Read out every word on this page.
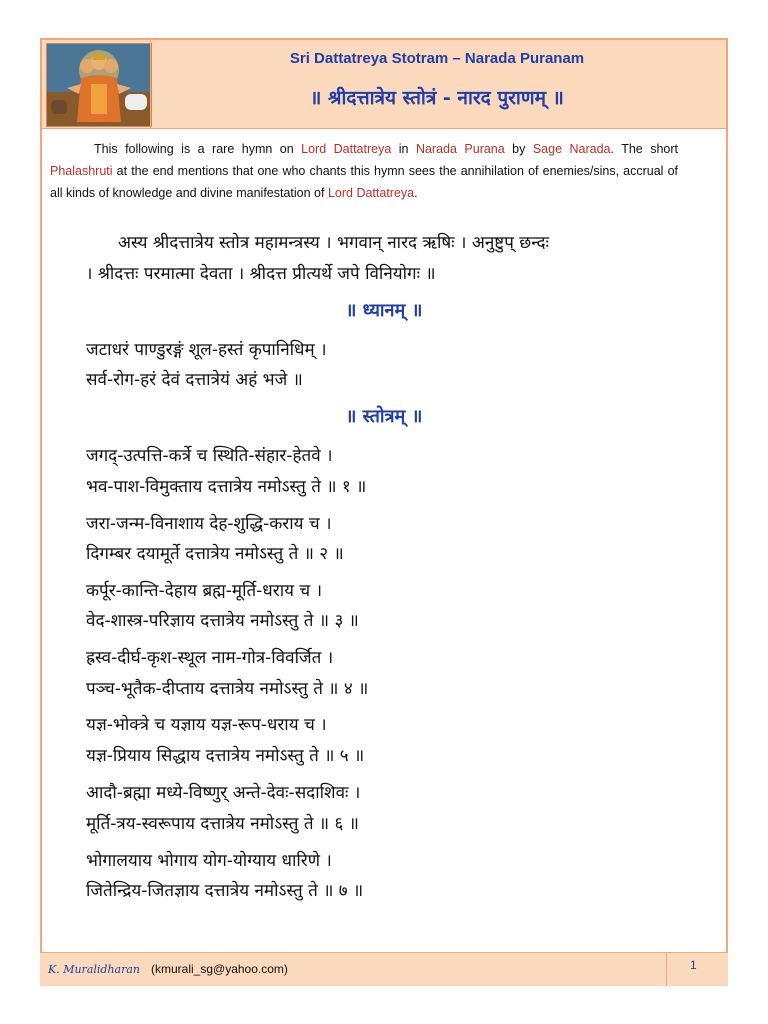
Sri Dattatreya Stotram – Narada Puranam
॥ श्रीदत्तात्रेय स्तोत्रं - नारद पुराणम् ॥
This following is a rare hymn on Lord Dattatreya in Narada Purana by Sage Narada. The short Phalashruti at the end mentions that one who chants this hymn sees the annihilation of enemies/sins, accrual of all kinds of knowledge and divine manifestation of Lord Dattatreya.
अस्य श्रीदत्तात्रेय स्तोत्र महामन्त्रस्य । भगवान् नारद ऋषिः । अनुष्टुप् छन्दः
। श्रीदत्तः परमात्मा देवता । श्रीदत्त प्रीत्यर्थे जपे विनियोगः ॥
॥ ध्यानम् ॥
जटाधरं पाण्डुरङ्गं शूल-हस्तं कृपानिधिम् ।
सर्व-रोग-हरं देवं दत्तात्रेयं अहं भजे ॥
॥ स्तोत्रम् ॥
जगद्-उत्पत्ति-कर्त्रे च स्थिति-संहार-हेतवे ।
भव-पाश-विमुक्ताय दत्तात्रेय नमोऽस्तु ते ॥ १ ॥
जरा-जन्म-विनाशाय देह-शुद्धि-कराय च ।
दिगम्बर दयामूर्ते दत्तात्रेय नमोऽस्तु ते ॥ २ ॥
कर्पूर-कान्ति-देहाय ब्रह्म-मूर्ति-धराय च ।
वेद-शास्त्र-परिज्ञाय दत्तात्रेय नमोऽस्तु ते ॥ ३ ॥
ह्रस्व-दीर्घ-कृश-स्थूल नाम-गोत्र-विवर्जित ।
पञ्च-भूतैक-दीप्ताय दत्तात्रेय नमोऽस्तु ते ॥ ४ ॥
यज्ञ-भोक्त्रे च यज्ञाय यज्ञ-रूप-धराय च ।
यज्ञ-प्रियाय सिद्धाय दत्तात्रेय नमोऽस्तु ते ॥ ५ ॥
आदौ-ब्रह्मा मध्ये-विष्णुर् अन्ते-देवः-सदाशिवः ।
मूर्ति-त्रय-स्वरूपाय दत्तात्रेय नमोऽस्तु ते ॥ ६ ॥
भोगालयाय भोगाय योग-योग्याय धारिणे ।
जितेन्द्रिय-जितज्ञाय दत्तात्रेय नमोऽस्तु ते ॥ ७ ॥
K. Muralidharan (kmurali_sg@yahoo.com)	1
